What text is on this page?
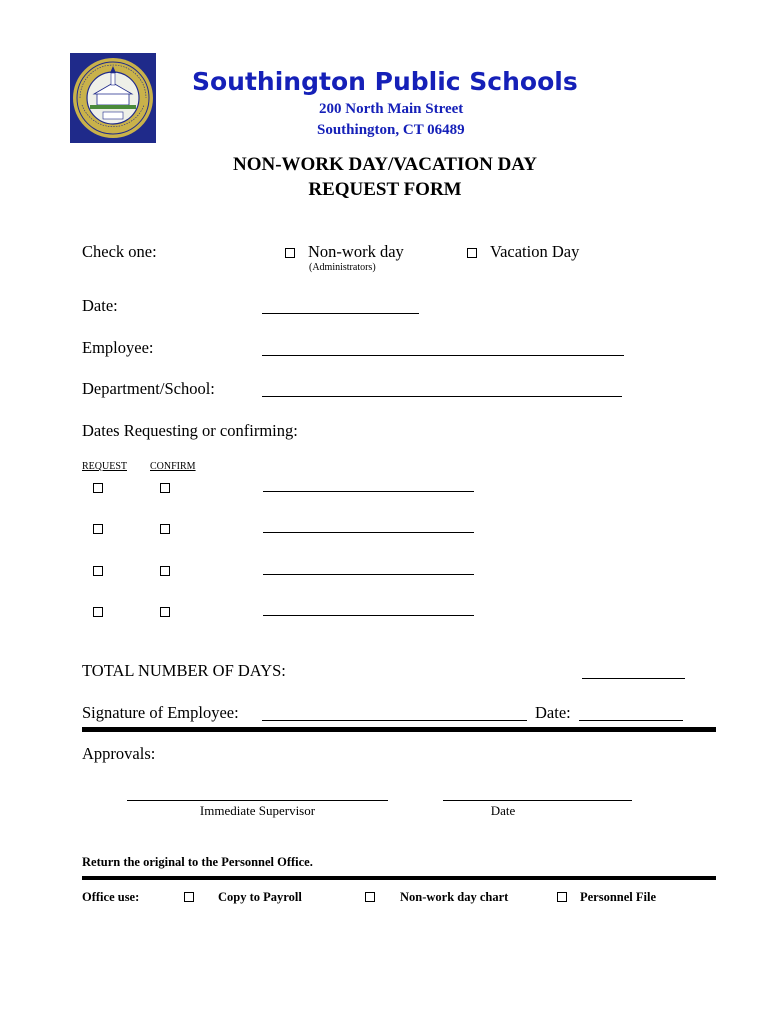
Southington Public Schools
200 North Main Street
Southington, CT 06489
NON-WORK DAY/VACATION DAY
REQUEST FORM
Check one:	Non-work day
(Administrators)
Vacation Day
Date:
Employee:
Department/School:
Dates Requesting or confirming:
REQUEST CONFIRM
TOTAL NUMBER OF DAYS:
Signature of Employee:	Date:
Approvals:
Immediate Supervisor	Date
Return the original to the Personnel Office.
Office use:	Copy to Payroll	Non-work day chart	Personnel File
